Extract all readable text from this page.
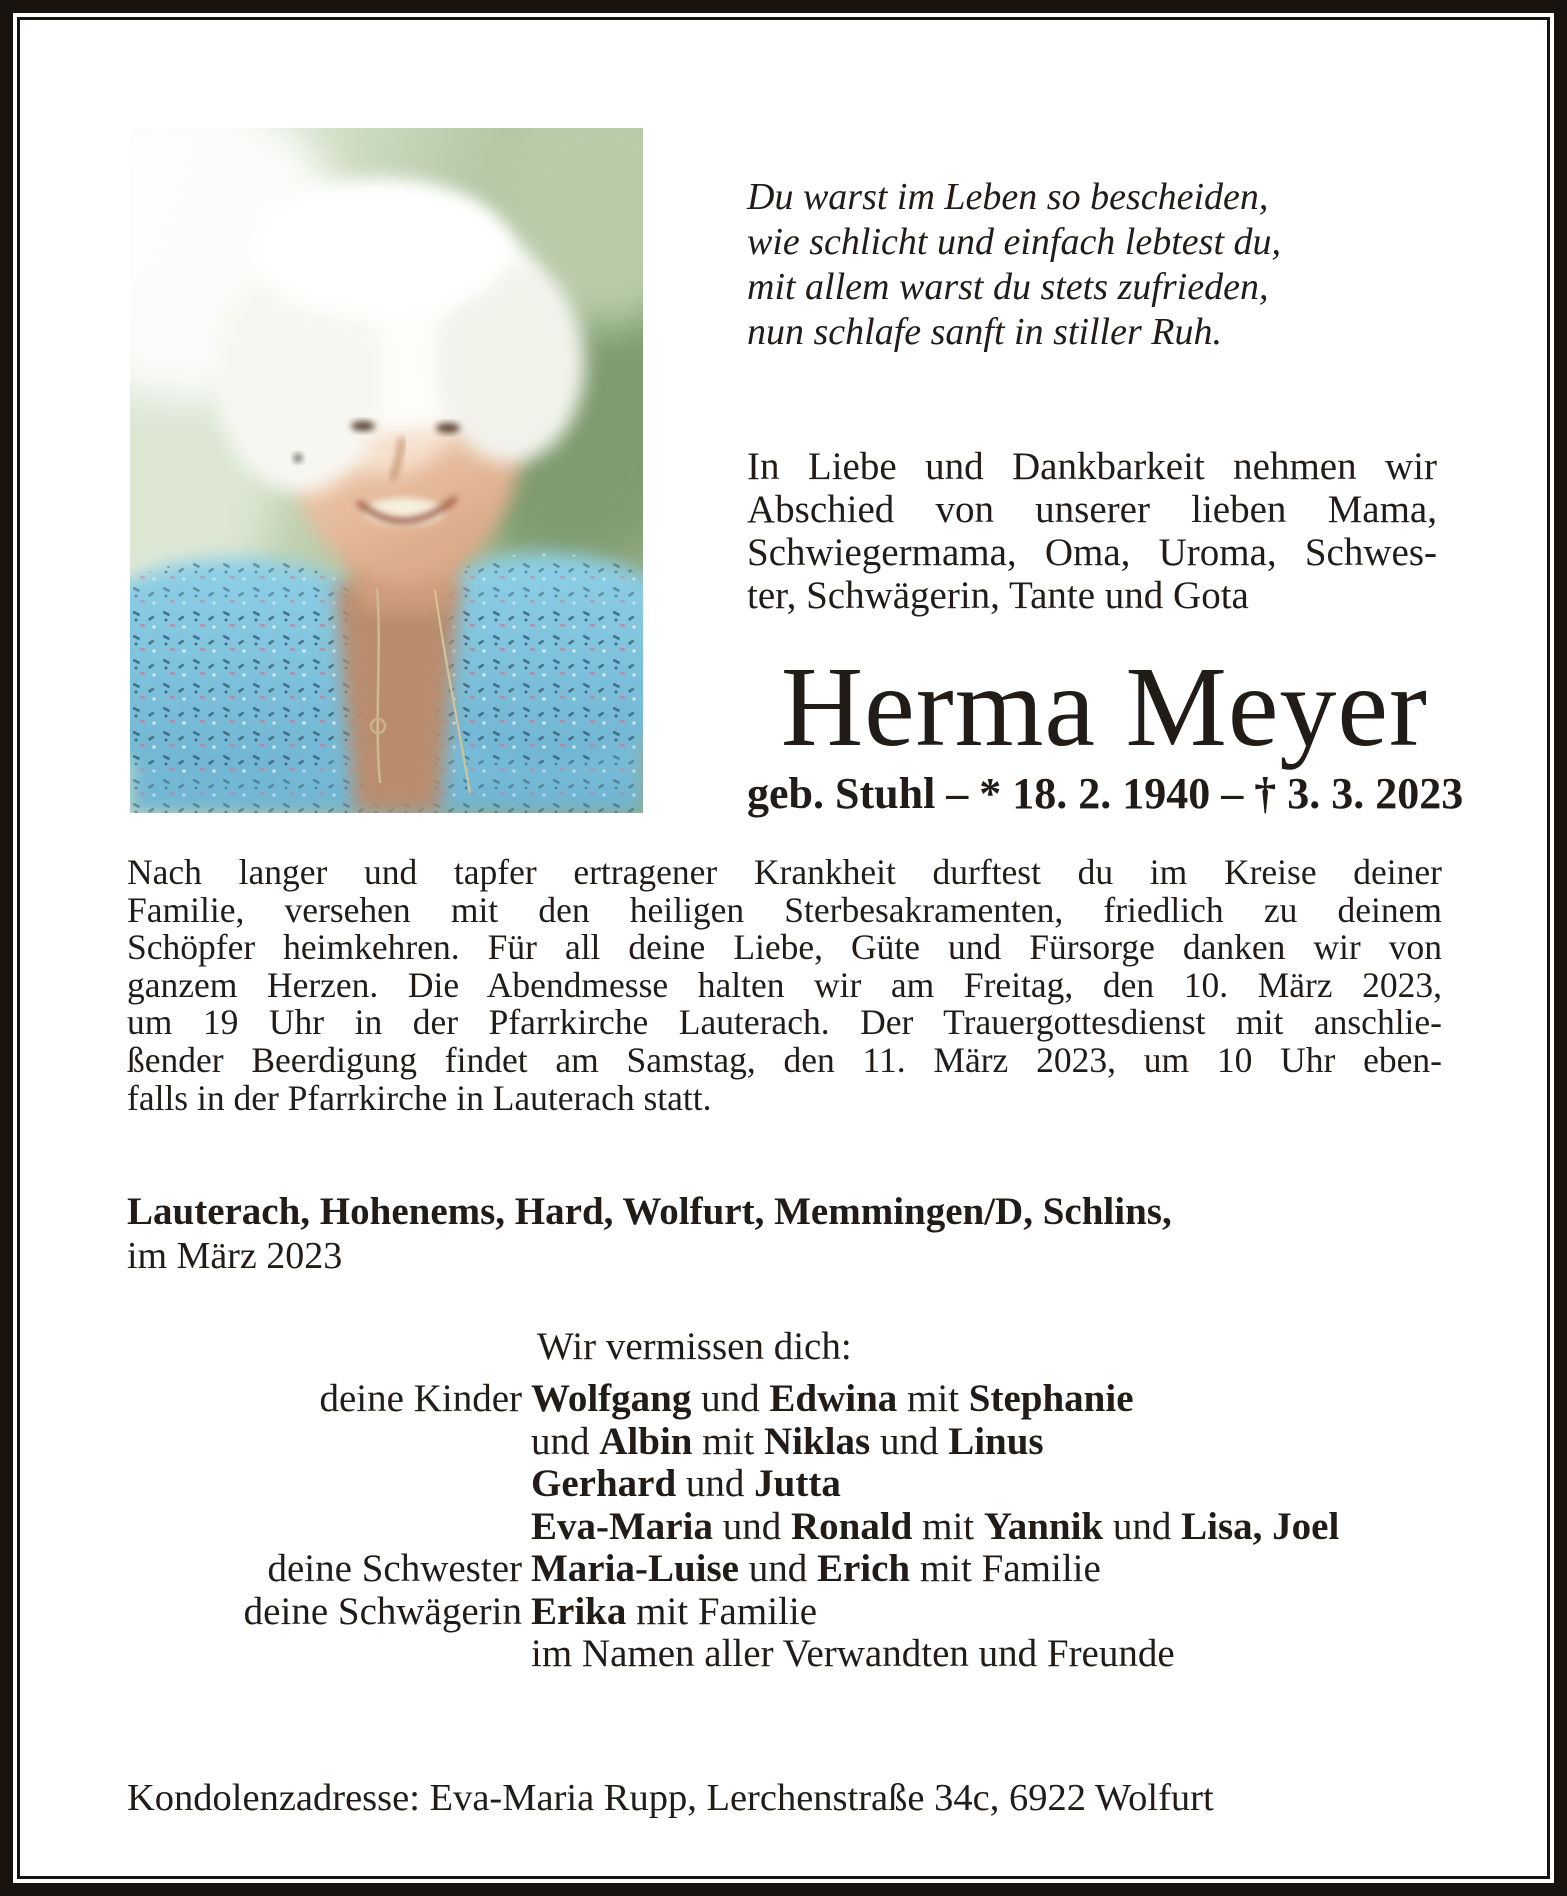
Du warst im Leben so bescheiden,
wie schlicht und einfach lebtest du,
mit allem warst du stets zufrieden,
nun schlafe sanft in stiller Ruh.
In Liebe und Dankbarkeit nehmen wir
Abschied von unserer lieben Mama,
Schwiegermama, Oma, Uroma, Schwes-
ter, Schwägerin, Tante und Gota
Herma Meyer
geb. Stuhl – * 18. 2. 1940 – † 3. 3. 2023
Nach langer und tapfer ertragener Krankheit durftest du im Kreise deiner
Familie, versehen mit den heiligen Sterbesakramenten, friedlich zu deinem
Schöpfer heimkehren. Für all deine Liebe, Güte und Fürsorge danken wir von
ganzem Herzen. Die Abendmesse halten wir am Freitag, den 10. März 2023,
um 19 Uhr in der Pfarrkirche Lauterach. Der Trauergottesdienst mit anschlie-
ßender Beerdigung findet am Samstag, den 11. März 2023, um 10 Uhr eben-
falls in der Pfarrkirche in Lauterach statt.
Lauterach, Hohenems, Hard, Wolfurt, Memmingen/D, Schlins,
im März 2023
Wir vermissen dich:
deine Kinder Wolfgang und Edwina mit Stephanie
und Albin mit Niklas und Linus
Gerhard und Jutta
Eva-Maria und Ronald mit Yannik und Lisa, Joel
deine Schwester Maria-Luise und Erich mit Familie
deine Schwägerin Erika mit Familie
im Namen aller Verwandten und Freunde
Kondolenzadresse: Eva-Maria Rupp, Lerchenstraße 34c, 6922 Wolfurt
